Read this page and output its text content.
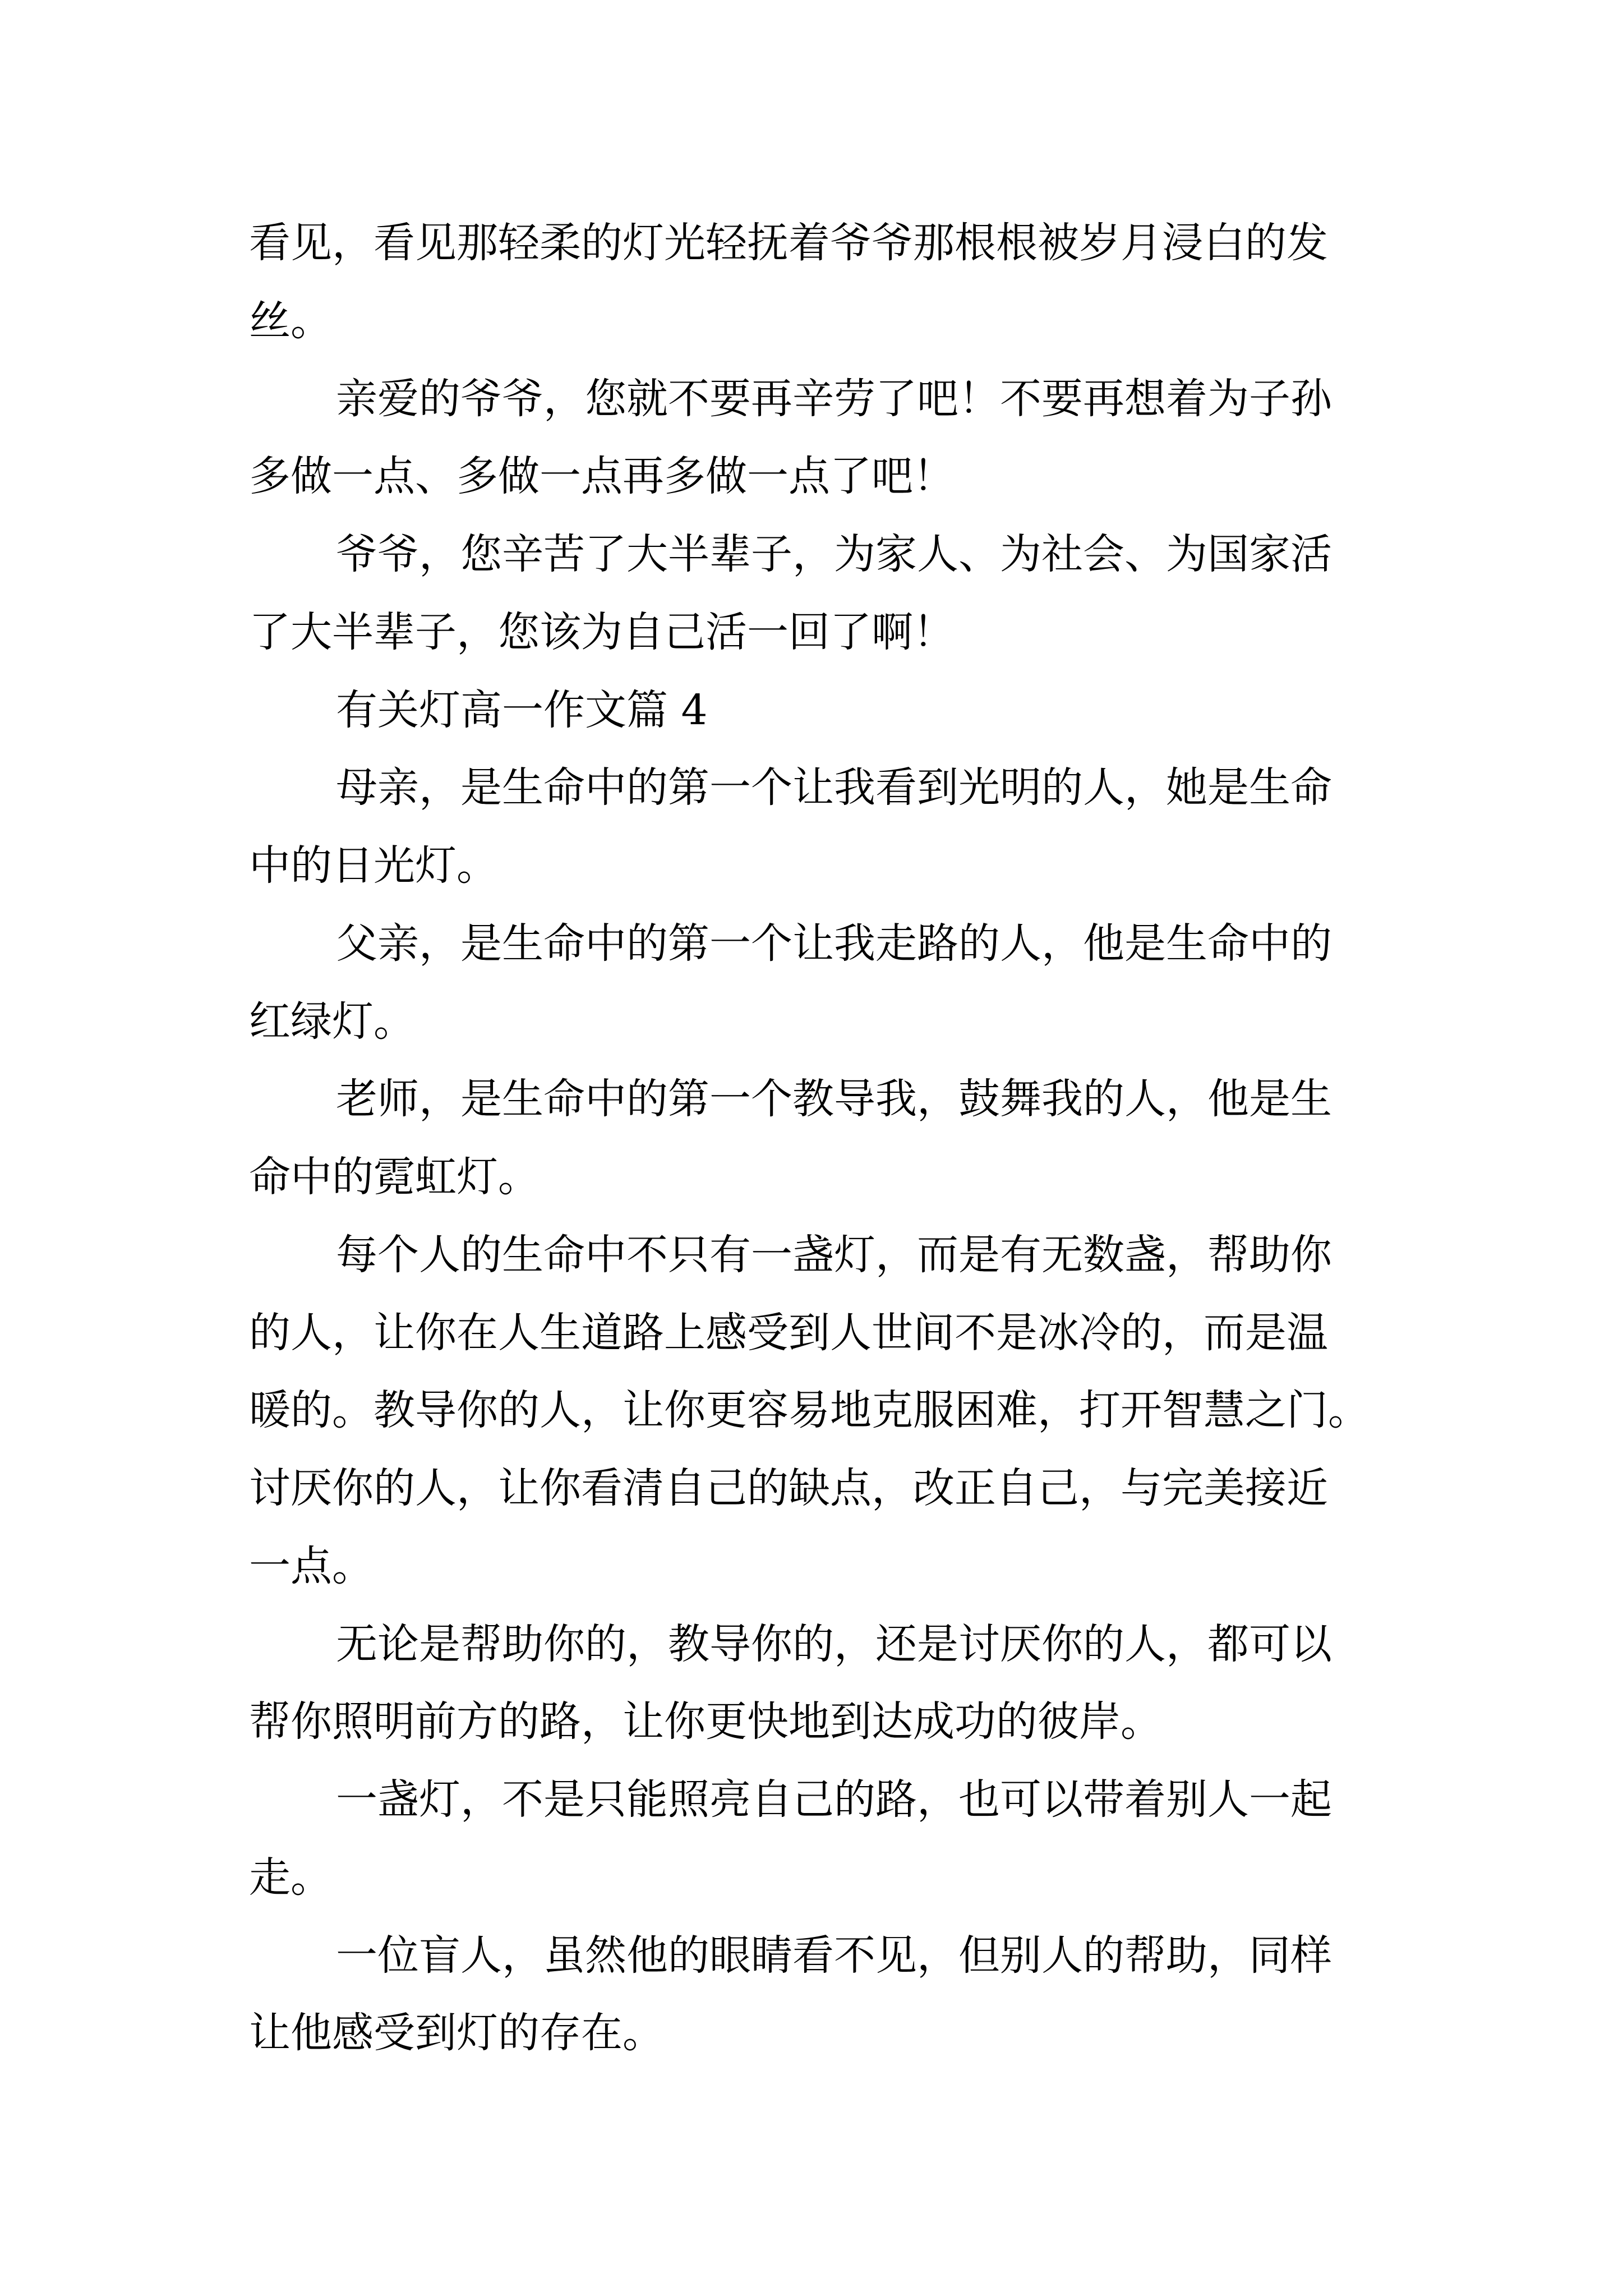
看见，看见那轻柔的灯光轻抚着爷爷那根根被岁月浸白的发

丝。

亲爱的爷爷，您就不要再辛劳了吧！不要再想着为子孙

多做一点、多做一点再多做一点了吧！

爷爷，您辛苦了大半辈子，为家人、为社会、为国家活

了大半辈子，您该为自己活一回了啊！

有关灯高一作文篇 4

母亲，是生命中的第一个让我看到光明的人，她是生命

中的日光灯。

父亲，是生命中的第一个让我走路的人，他是生命中的

红绿灯。

老师，是生命中的第一个教导我，鼓舞我的人，他是生

命中的霓虹灯。

每个人的生命中不只有一盏灯，而是有无数盏，帮助你

的人，让你在人生道路上感受到人世间不是冰冷的，而是温

暖的。教导你的人，让你更容易地克服困难，打开智慧之门。

讨厌你的人，让你看清自己的缺点，改正自己，与完美接近

一点。

无论是帮助你的，教导你的，还是讨厌你的人，都可以

帮你照明前方的路，让你更快地到达成功的彼岸。

一盏灯，不是只能照亮自己的路，也可以带着别人一起

走。

一位盲人，虽然他的眼睛看不见，但别人的帮助，同样

让他感受到灯的存在。
